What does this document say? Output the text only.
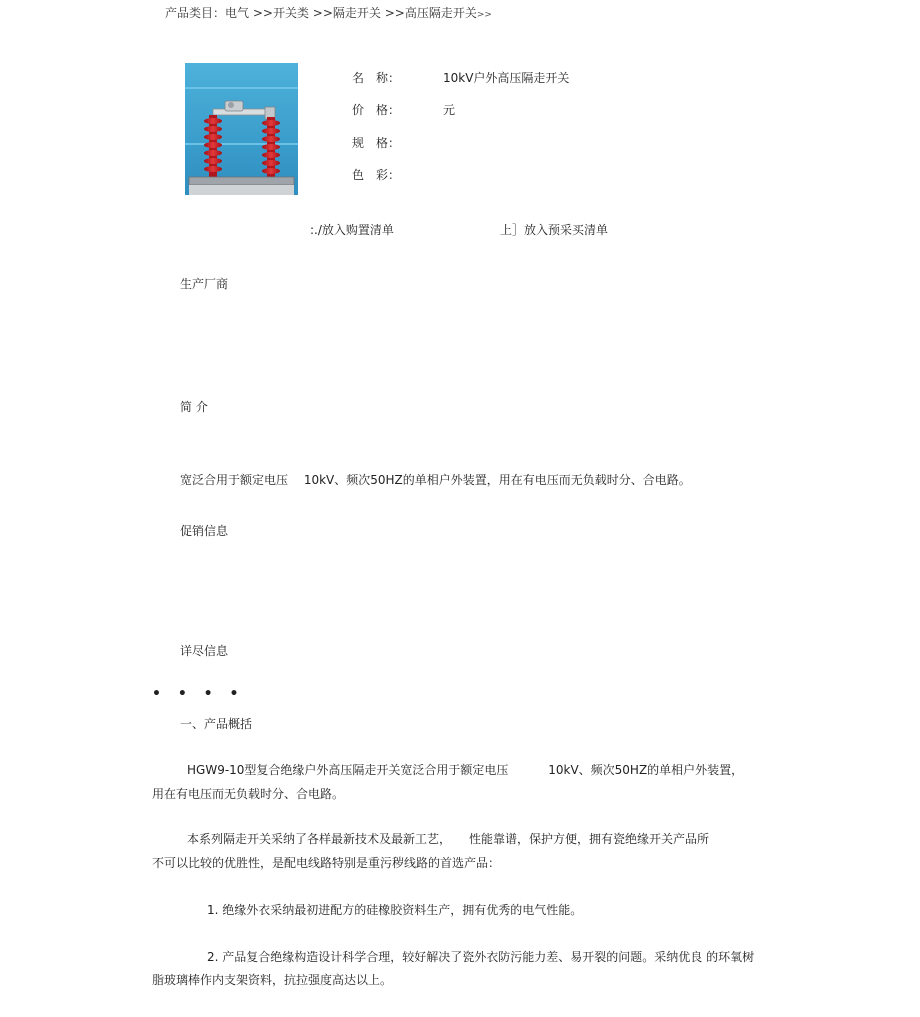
产品类目：电气 >>开关类 >>隔走开关 >>高压隔走开关>>
名　称：	10kV户外高压隔走开关
价　格：	元
规　格：
色　彩：
:./放入购置清单	上］放入预采买清单
生产厂商
简 介
宽泛合用于额定电压　 10kV、频次50HZ的单相户外装置，用在有电压而无负载时分、合电路。
促销信息
详尽信息
• • • •
一、产品概括
HGW9-10型复合绝缘户外高压隔走开关宽泛合用于额定电压　　　 10kV、频次50HZ的单相户外装置，
用在有电压而无负载时分、合电路。
本系列隔走开关采纳了各样最新技术及最新工艺，　　性能靠谱，保护方便，拥有瓷绝缘开关产品所
不可以比较的优胜性，是配电线路特别是重污秽线路的首选产品：
1. 绝缘外衣采纳最初进配方的硅橡胶资料生产，拥有优秀的电气性能。
2. 产品复合绝缘构造设计科学合理，较好解决了瓷外衣防污能力差、易开裂的问题。采纳优良 的环氧树
脂玻璃棒作内支架资料，抗拉强度高达以上。
